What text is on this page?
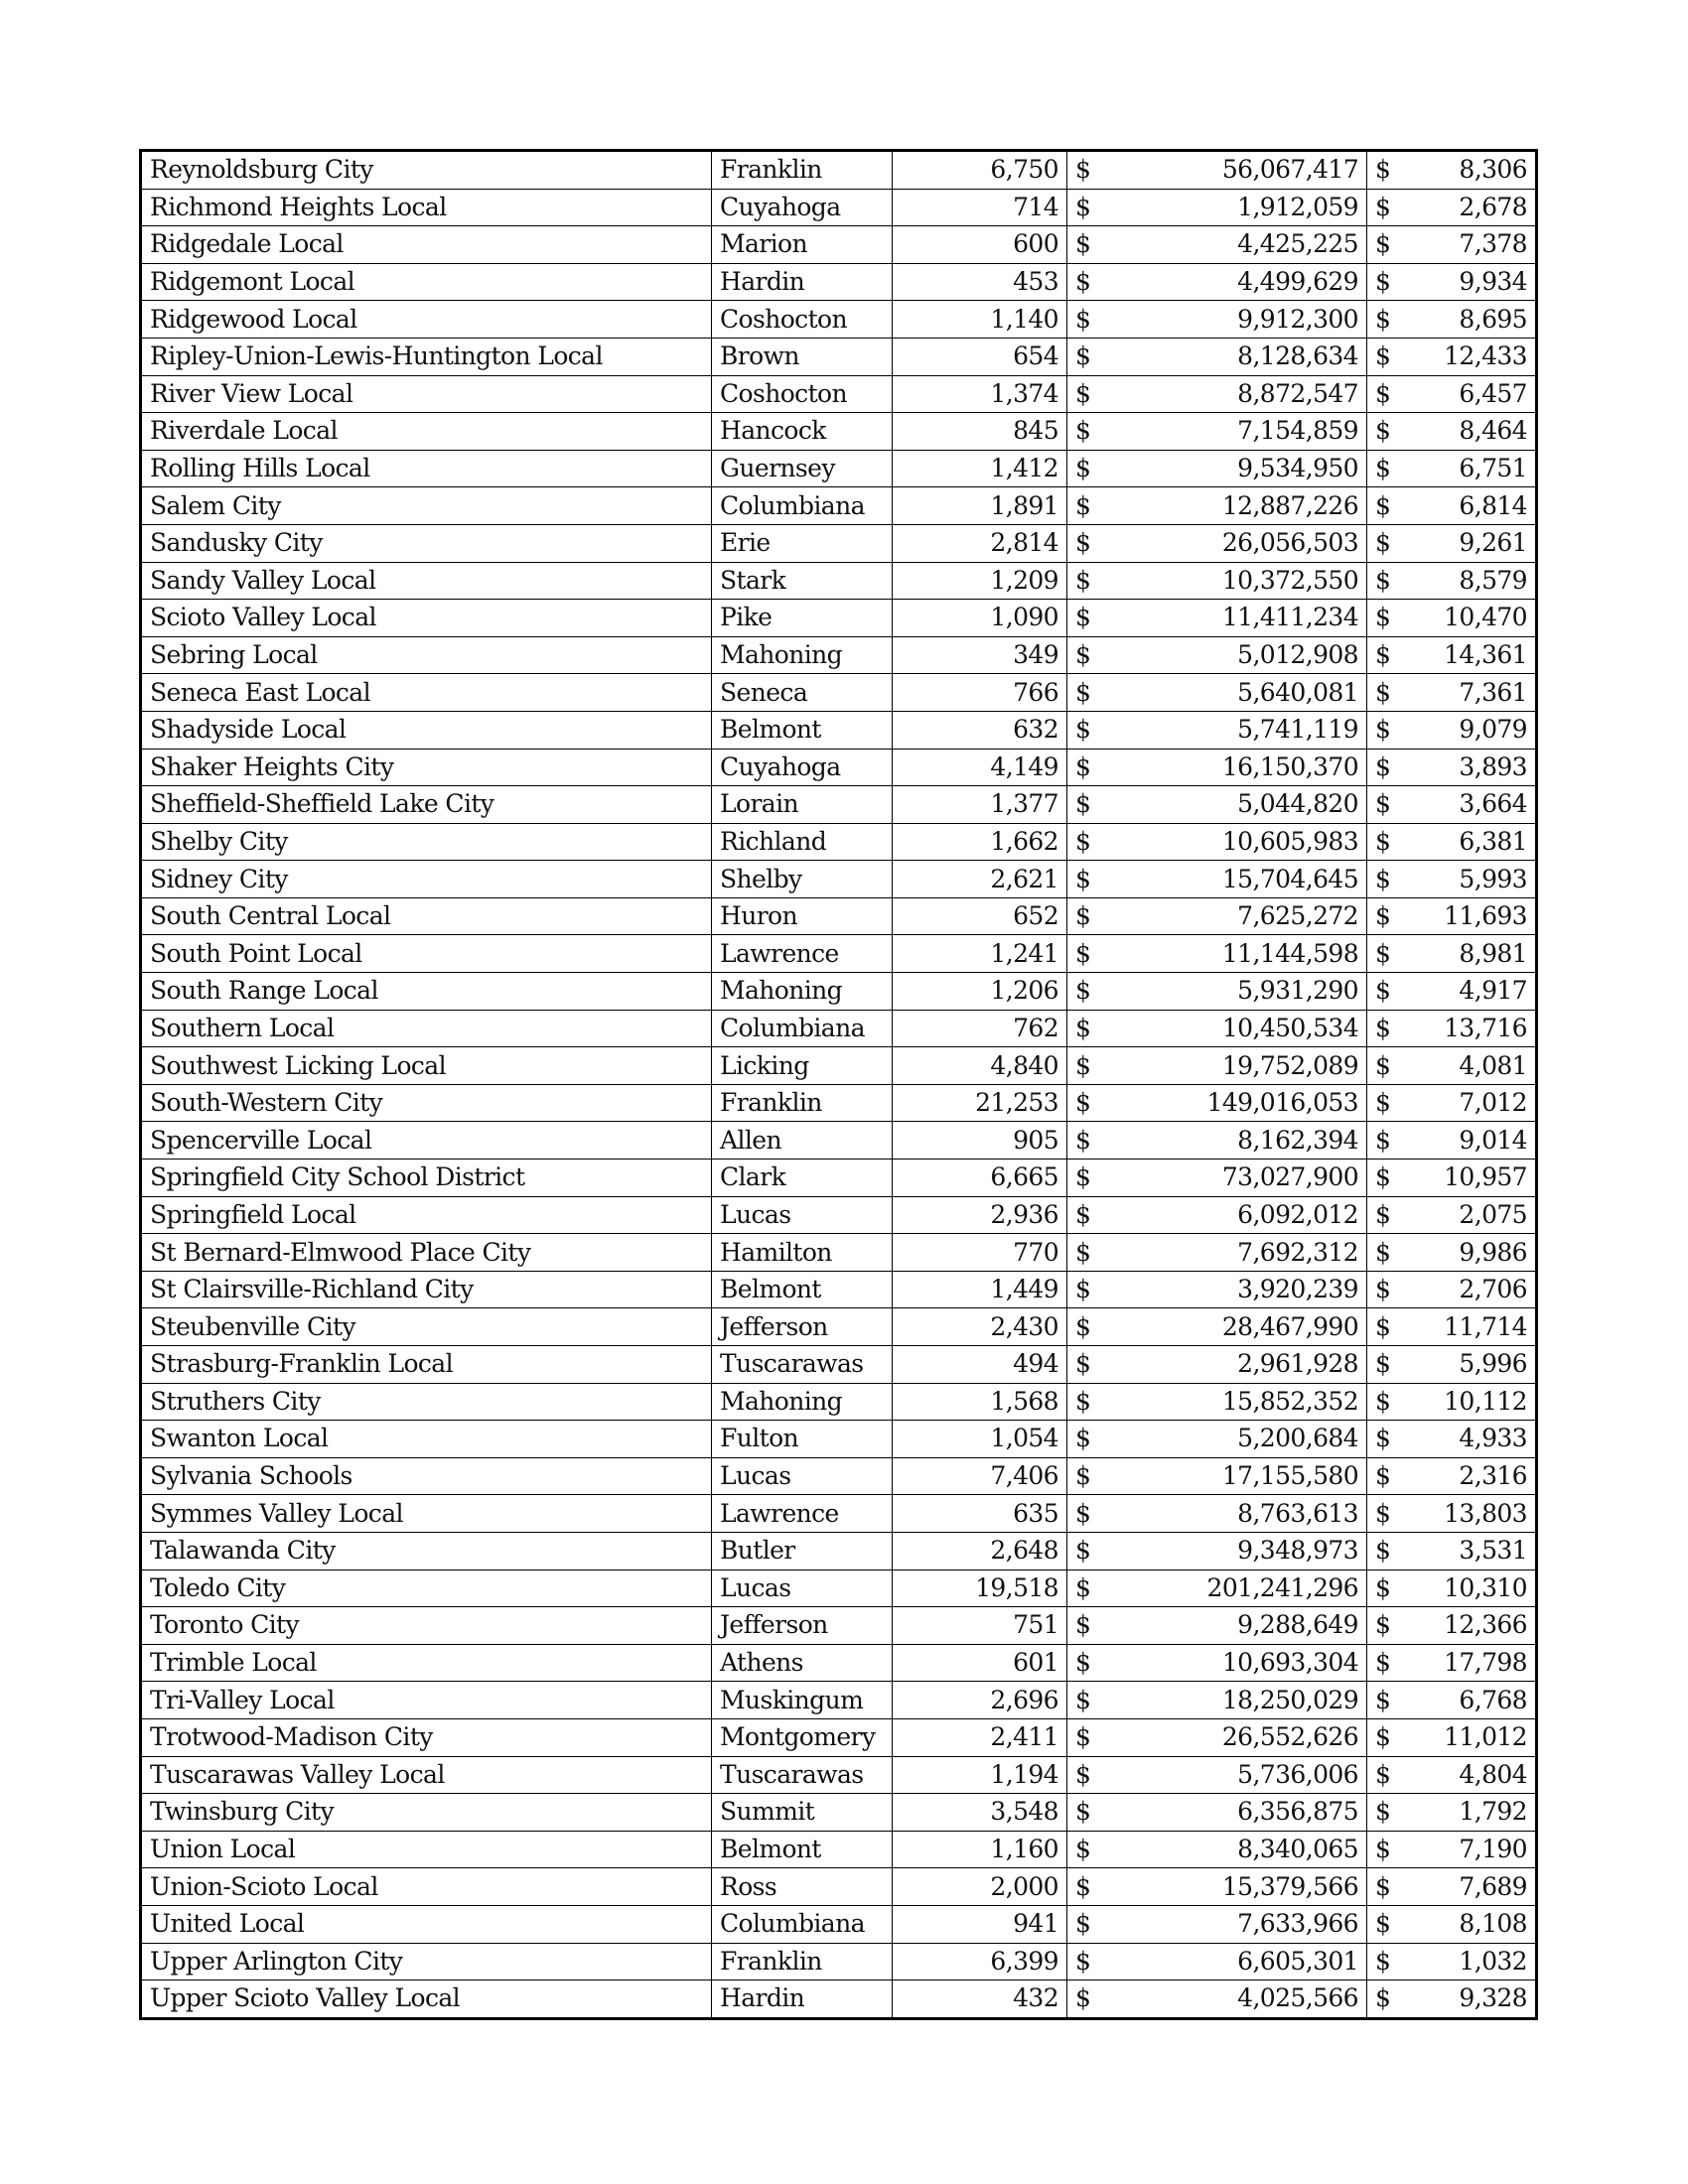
Reynoldsburg City	Franklin	6,750	$	56,067,417	$	8,306
Richmond Heights Local	Cuyahoga	714	$	1,912,059	$	2,678
Ridgedale Local	Marion	600	$	4,425,225	$	7,378
Ridgemont Local	Hardin	453	$	4,499,629	$	9,934
Ridgewood Local	Coshocton	1,140	$	9,912,300	$	8,695
Ripley-Union-Lewis-Huntington Local	Brown	654	$	8,128,634	$	12,433
River View Local	Coshocton	1,374	$	8,872,547	$	6,457
Riverdale Local	Hancock	845	$	7,154,859	$	8,464
Rolling Hills Local	Guernsey	1,412	$	9,534,950	$	6,751
Salem City	Columbiana	1,891	$	12,887,226	$	6,814
Sandusky City	Erie	2,814	$	26,056,503	$	9,261
Sandy Valley Local	Stark	1,209	$	10,372,550	$	8,579
Scioto Valley Local	Pike	1,090	$	11,411,234	$	10,470
Sebring Local	Mahoning	349	$	5,012,908	$	14,361
Seneca East Local	Seneca	766	$	5,640,081	$	7,361
Shadyside Local	Belmont	632	$	5,741,119	$	9,079
Shaker Heights City	Cuyahoga	4,149	$	16,150,370	$	3,893
Sheffield-Sheffield Lake City	Lorain	1,377	$	5,044,820	$	3,664
Shelby City	Richland	1,662	$	10,605,983	$	6,381
Sidney City	Shelby	2,621	$	15,704,645	$	5,993
South Central Local	Huron	652	$	7,625,272	$	11,693
South Point Local	Lawrence	1,241	$	11,144,598	$	8,981
South Range Local	Mahoning	1,206	$	5,931,290	$	4,917
Southern Local	Columbiana	762	$	10,450,534	$	13,716
Southwest Licking Local	Licking	4,840	$	19,752,089	$	4,081
South-Western City	Franklin	21,253	$	149,016,053	$	7,012
Spencerville Local	Allen	905	$	8,162,394	$	9,014
Springfield City School District	Clark	6,665	$	73,027,900	$	10,957
Springfield Local	Lucas	2,936	$	6,092,012	$	2,075
St Bernard-Elmwood Place City	Hamilton	770	$	7,692,312	$	9,986
St Clairsville-Richland City	Belmont	1,449	$	3,920,239	$	2,706
Steubenville City	Jefferson	2,430	$	28,467,990	$	11,714
Strasburg-Franklin Local	Tuscarawas	494	$	2,961,928	$	5,996
Struthers City	Mahoning	1,568	$	15,852,352	$	10,112
Swanton Local	Fulton	1,054	$	5,200,684	$	4,933
Sylvania Schools	Lucas	7,406	$	17,155,580	$	2,316
Symmes Valley Local	Lawrence	635	$	8,763,613	$	13,803
Talawanda City	Butler	2,648	$	9,348,973	$	3,531
Toledo City	Lucas	19,518	$	201,241,296	$	10,310
Toronto City	Jefferson	751	$	9,288,649	$	12,366
Trimble Local	Athens	601	$	10,693,304	$	17,798
Tri-Valley Local	Muskingum	2,696	$	18,250,029	$	6,768
Trotwood-Madison City	Montgomery	2,411	$	26,552,626	$	11,012
Tuscarawas Valley Local	Tuscarawas	1,194	$	5,736,006	$	4,804
Twinsburg City	Summit	3,548	$	6,356,875	$	1,792
Union Local	Belmont	1,160	$	8,340,065	$	7,190
Union-Scioto Local	Ross	2,000	$	15,379,566	$	7,689
United Local	Columbiana	941	$	7,633,966	$	8,108
Upper Arlington City	Franklin	6,399	$	6,605,301	$	1,032
Upper Scioto Valley Local	Hardin	432	$	4,025,566	$	9,328
